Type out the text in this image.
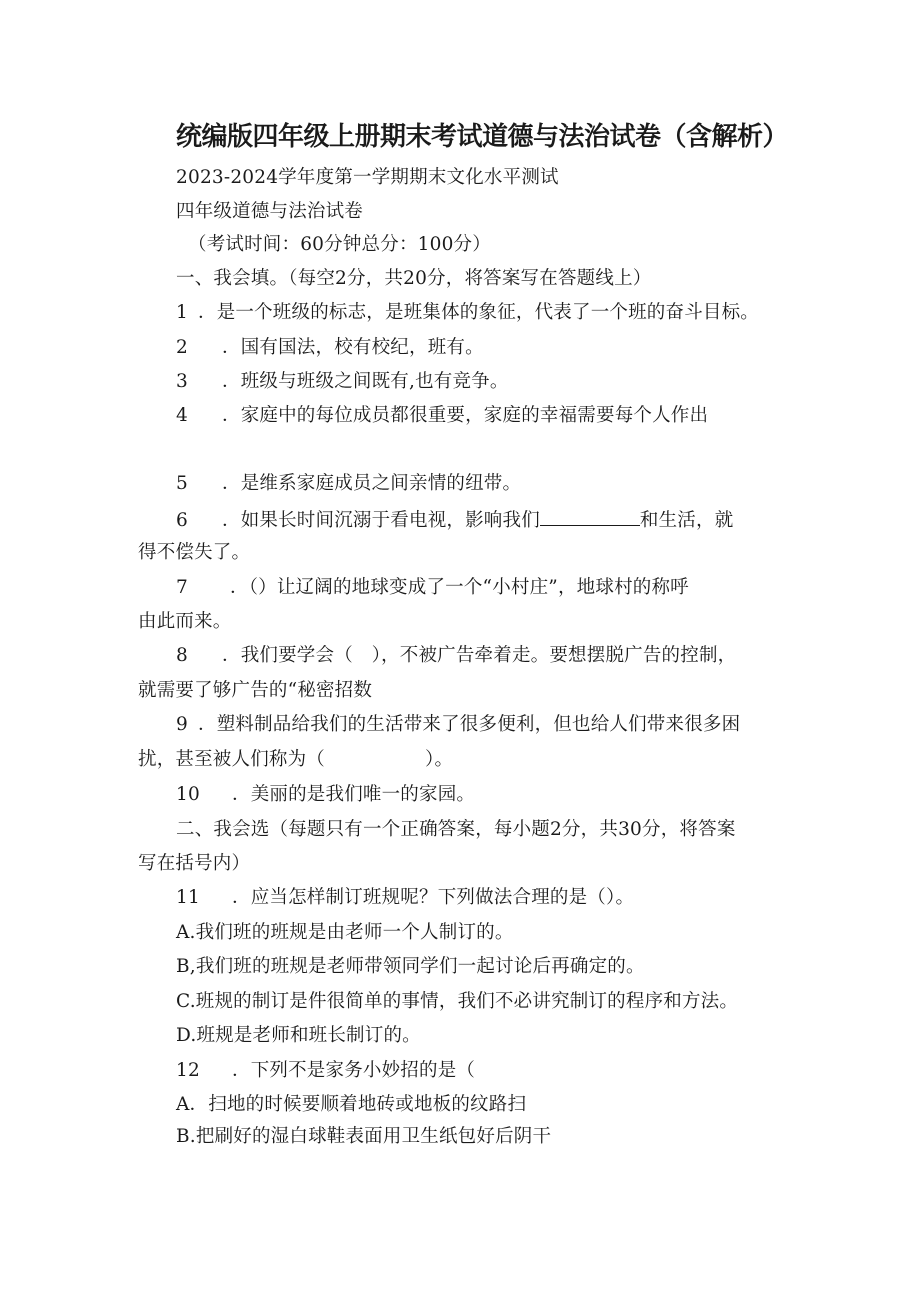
统编版四年级上册期末考试道德与法治试卷（含解析）
2023-2024学年度第一学期期末文化水平测试
四年级道德与法治试卷
（考试时间：60分钟总分：100分）
一、我会填。（每空2分，共20分，将答案写在答题线上）
1 ．是一个班级的标志，是班集体的象征，代表了一个班的奋斗目标。
2 ．国有国法，校有校纪，班有。
3 ．班级与班级之间既有,也有竞争。
4 ．家庭中的每位成员都很重要，家庭的幸福需要每个人作出
5 ．是维系家庭成员之间亲情的纽带。
6 ．如果长时间沉溺于看电视，影响我们	和生活，就
得不偿失了。
7 ．（）让辽阔的地球变成了一个“小村庄”，地球村的称呼
由此而来。
8 ．我们要学会（　），不被广告牵着走。要想摆脱广告的控制，
就需要了够广告的“秘密招数
9 ．塑料制品给我们的生活带来了很多便利，但也给人们带来很多困
扰，甚至被人们称为（	）。
10 ．美丽的是我们唯一的家园。
二、我会选（每题只有一个正确答案，每小题2分，共30分，将答案
写在括号内）
11 ．应当怎样制订班规呢？下列做法合理的是（）。
A.我们班的班规是由老师一个人制订的。
B,我们班的班规是老师带领同学们一起讨论后再确定的。
C.班规的制订是件很简单的事情，我们不必讲究制订的程序和方法。
D.班规是老师和班长制订的。
12 ．下列不是家务小妙招的是（
A．扫地的时候要顺着地砖或地板的纹路扫
B.把刷好的湿白球鞋表面用卫生纸包好后阴干
